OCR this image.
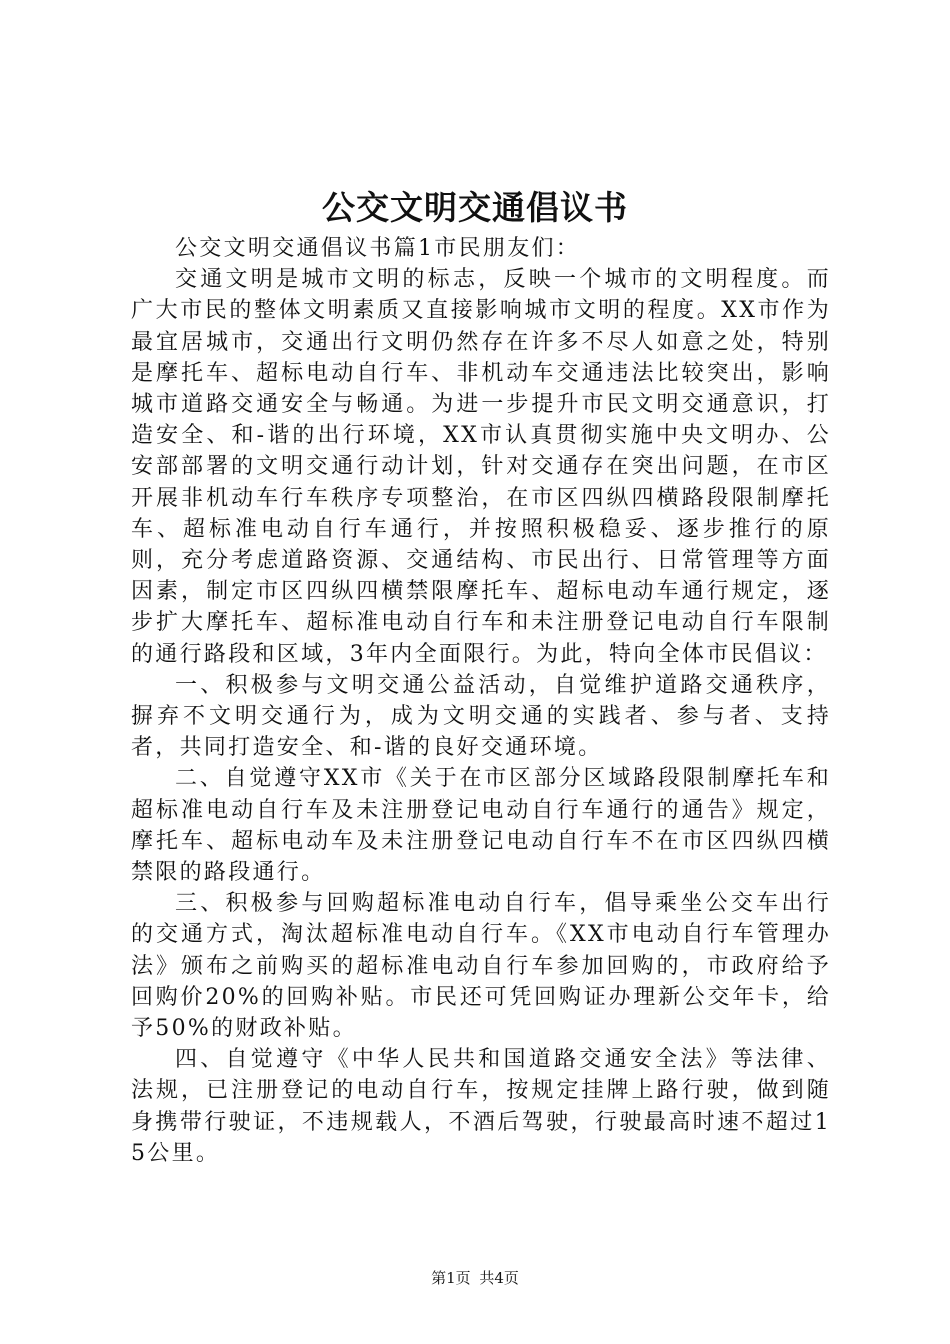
公交文明交通倡议书

公交文明交通倡议书篇1市民朋友们：

交通文明是城市文明的标志，反映一个城市的文明程度。而广大市民的整体文明素质又直接影响城市文明的程度。XX市作为最宜居城市，交通出行文明仍然存在许多不尽人如意之处，特别是摩托车、超标电动自行车、非机动车交通违法比较突出，影响城市道路交通安全与畅通。为进一步提升市民文明交通意识，打造安全、和-谐的出行环境，XX市认真贯彻实施中央文明办、公安部部署的文明交通行动计划，针对交通存在突出问题，在市区开展非机动车行车秩序专项整治，在市区四纵四横路段限制摩托车、超标准电动自行车通行，并按照积极稳妥、逐步推行的原则，充分考虑道路资源、交通结构、市民出行、日常管理等方面因素，制定市区四纵四横禁限摩托车、超标电动车通行规定，逐步扩大摩托车、超标准电动自行车和未注册登记电动自行车限制的通行路段和区域，3年内全面限行。为此，特向全体市民倡议：

一、积极参与文明交通公益活动，自觉维护道路交通秩序，摒弃不文明交通行为，成为文明交通的实践者、参与者、支持者，共同打造安全、和-谐的良好交通环境。

二、自觉遵守XX市《关于在市区部分区域路段限制摩托车和超标准电动自行车及未注册登记电动自行车通行的通告》规定，摩托车、超标电动车及未注册登记电动自行车不在市区四纵四横禁限的路段通行。

三、积极参与回购超标准电动自行车，倡导乘坐公交车出行的交通方式，淘汰超标准电动自行车。《XX市电动自行车管理办法》颁布之前购买的超标准电动自行车参加回购的，市政府给予回购价20%的回购补贴。市民还可凭回购证办理新公交年卡，给予50%的财政补贴。

四、自觉遵守《中华人民共和国道路交通安全法》等法律、法规，已注册登记的电动自行车，按规定挂牌上路行驶，做到随身携带行驶证，不违规载人，不酒后驾驶，行驶最高时速不超过15公里。

第1页 共4页
